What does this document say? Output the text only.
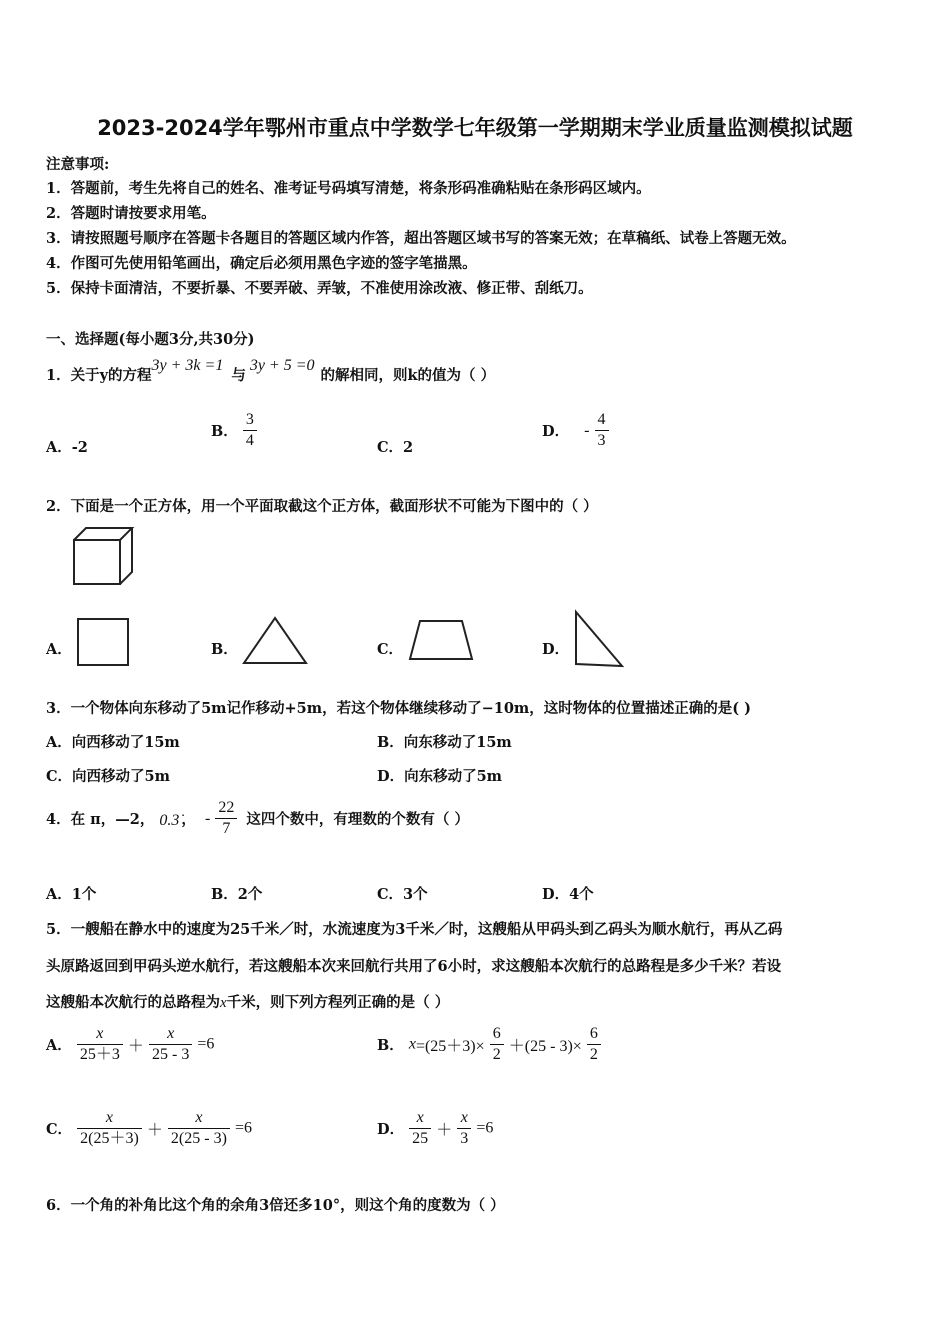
2023-2024学年鄂州市重点中学数学七年级第一学期期末学业质量监测模拟试题
注意事项:
1．答题前，考生先将自己的姓名、准考证号码填写清楚，将条形码准确粘贴在条形码区域内。
2．答题时请按要求用笔。
3．请按照题号顺序在答题卡各题目的答题区域内作答，超出答题区域书写的答案无效；在草稿纸、试卷上答题无效。
4．作图可先使用铅笔画出，确定后必须用黑色字迹的签字笔描黑。
5．保持卡面清洁，不要折暴、不要弄破、弄皱，不准使用涂改液、修正带、刮纸刀。
一、选择题(每小题3分,共30分)
1．关于y的方程3y + 3k =1与3y + 5 =0的解相同，则k的值为（ ）
A．-2
B． $\frac{3}{4}$	C．2
D． - $\frac{4}{3}$
2．下面是一个正方体，用一个平面取截这个正方体，截面形状不可能为下图中的（ ）
A．	B．	C．	D．
3．一个物体向东移动了5m记作移动+5m，若这个物体继续移动了−10m，这时物体的位置描述正确的是( )
A．向西移动了15m	B．向东移动了15m
C．向西移动了5m	D．向东移动了5m
4．在 π，—2， 0.3̇ ， - $\frac{22}{7}$ 这四个数中，有理数的个数有（ ）
A．1个	B．2个	C．3个	D．4个
5．一艘船在静水中的速度为25千米／时，水流速度为3千米／时，这艘船从甲码头到乙码头为顺水航行，再从乙码
头原路返回到甲码头逆水航行，若这艘船本次来回航行共用了6小时，求这艘船本次航行的总路程是多少千米？若设
这艘船本次航行的总路程为x千米，则下列方程列正确的是（ ）
A． $\frac{x}{25+3} + \frac{x}{25 - 3} =6$	B． $x=(25+3)\times \frac{6}{2} +(25 - 3)\times \frac{6}{2}$
C． $\frac{x}{2(25+3)} + \frac{x}{2(25 - 3)} =6$	D． $\frac{x}{25} + \frac{x}{3} =6$
6．一个角的补角比这个角的余角3倍还多10°，则这个角的度数为（ ）
